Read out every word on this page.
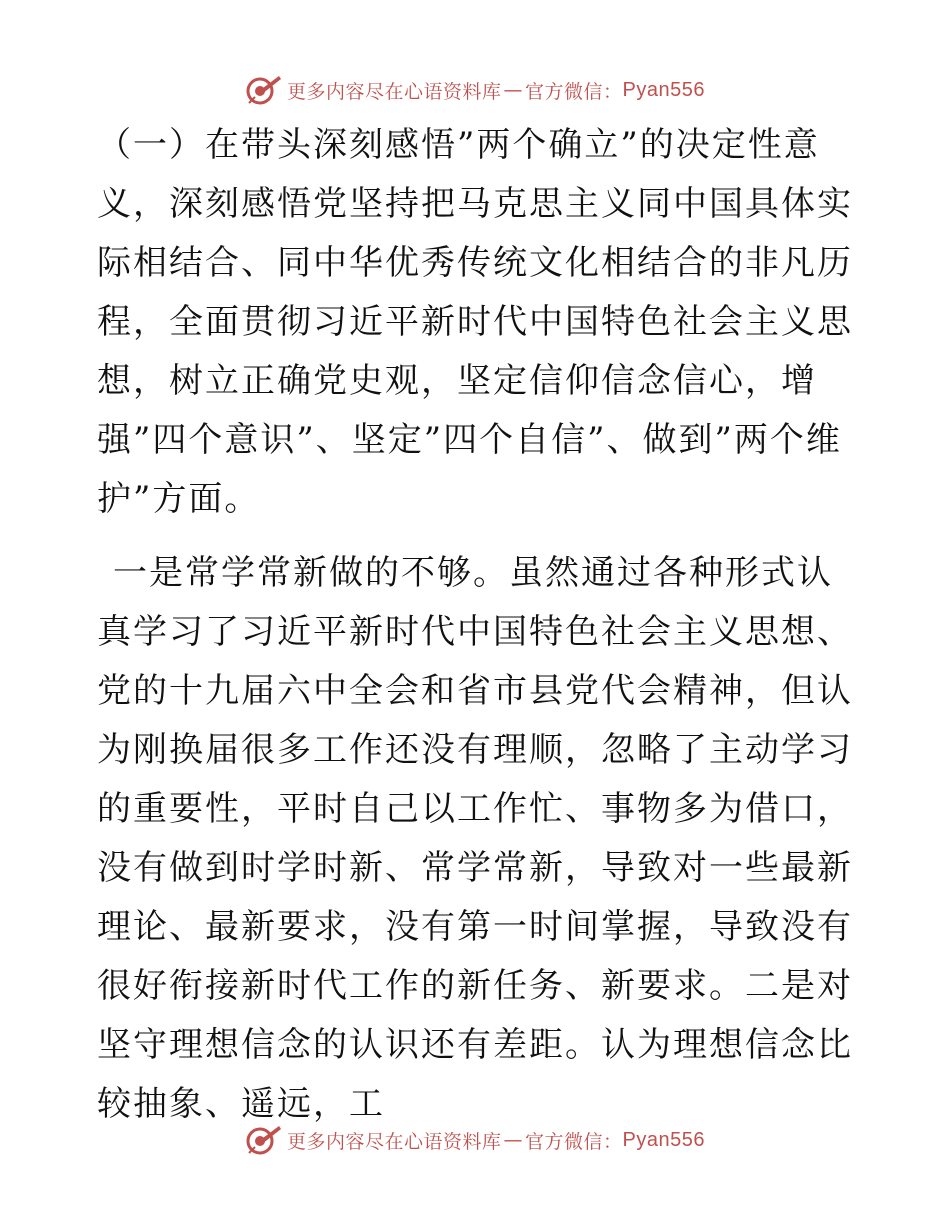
更多内容尽在心语资料库 — 官方微信： Pyan556

（一）在带头深刻感悟”两个确立”的决定性意义，深刻感悟党坚持把马克思主义同中国具体实际相结合、同中华优秀传统文化相结合的非凡历程，全面贯彻习近平新时代中国特色社会主义思想，树立正确党史观，坚定信仰信念信心，增强”四个意识”、坚定”四个自信”、做到”两个维护”方面。

一是常学常新做的不够。虽然通过各种形式认真学习了习近平新时代中国特色社会主义思想、党的十九届六中全会和省市县党代会精神，但认为刚换届很多工作还没有理顺，忽略了主动学习的重要性，平时自己以工作忙、事物多为借口，没有做到时学时新、常学常新，导致对一些最新理论、最新要求，没有第一时间掌握，导致没有很好衔接新时代工作的新任务、新要求。二是对坚守理想信念的认识还有差距。认为理想信念比较抽象、遥远，工

更多内容尽在心语资料库 — 官方微信： Pyan556
